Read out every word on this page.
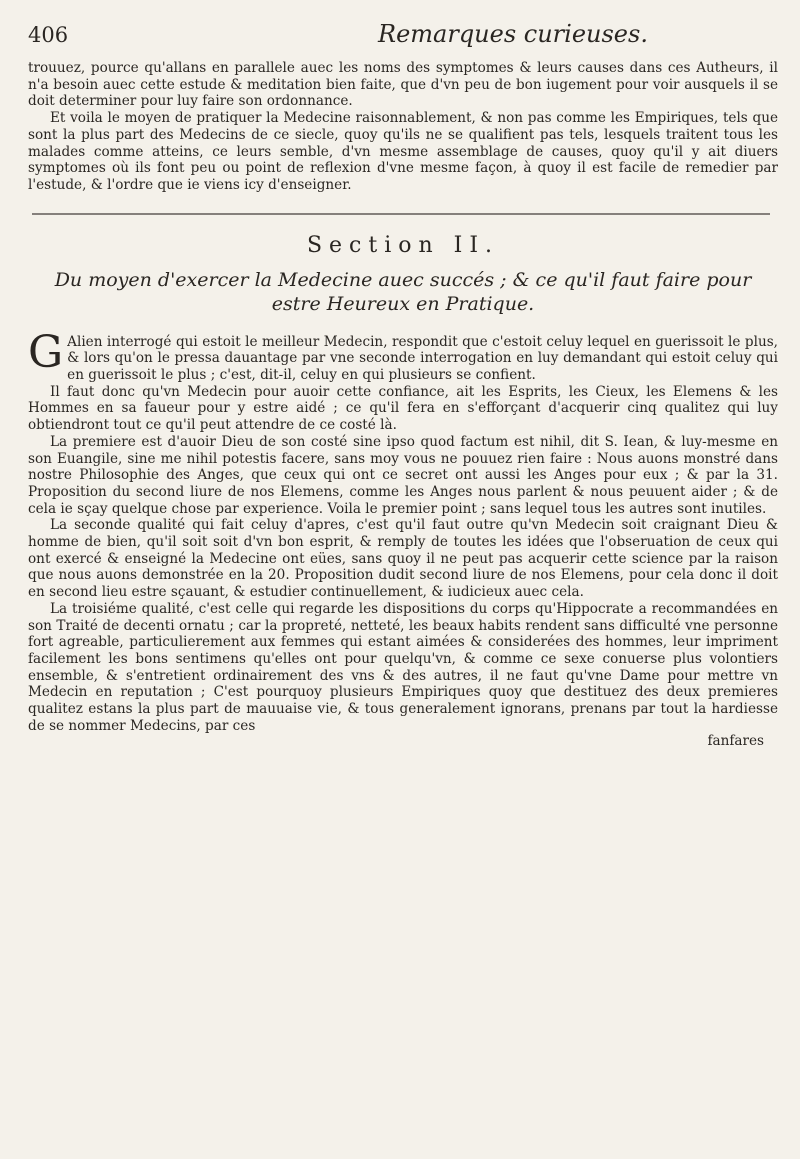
406	Remarques curieuses.

trouuez, pource qu'allans en parallele auec les noms des symptomes & leurs causes dans ces Autheurs, il n'a besoin auec cette estude & meditation bien faite, que d'vn peu de bon iugement pour voir ausquels il se doit determiner pour luy faire son ordonnance.

Et voila le moyen de pratiquer la Medecine raisonnablement, & non pas comme les Empiriques, tels que sont la plus part des Medecins de ce siecle, quoy qu'ils ne se qualifient pas tels, lesquels traitent tous les malades comme atteins, ce leurs semble, d'vn mesme assemblage de causes, quoy qu'il y ait diuers symptomes où ils font peu ou point de reflexion d'vne mesme façon, à quoy il est facile de remedier par l'estude, & l'ordre que ie viens icy d'enseigner.

Section II.
Du moyen d'exercer la Medecine auec succés ; & ce qu'il faut faire pour estre Heureux en Pratique.
G Alien interrogé qui estoit le meilleur Medecin, respondit que c'estoit celuy lequel en guerissoit le plus, & lors qu'on le pressa dauantage par vne seconde interrogation en luy demandant qui estoit celuy qui en guerissoit le plus ; c'est, dit-il, celuy en qui plusieurs se confient.

Il faut donc qu'vn Medecin pour auoir cette confiance, ait les Esprits, les Cieux, les Elemens & les Hommes en sa faueur pour y estre aidé ; ce qu'il fera en s'efforçant d'acquerir cinq qualitez qui luy obtiendront tout ce qu'il peut attendre de ce costé là.

La premiere est d'auoir Dieu de son costé sine ipso quod factum est nihil, dit S. Iean, & luy-mesme en son Euangile, sine me nihil potestis facere, sans moy vous ne pouuez rien faire : Nous auons monstré dans nostre Philosophie des Anges, que ceux qui ont ce secret ont aussi les Anges pour eux ; & par la 31. Proposition du second liure de nos Elemens, comme les Anges nous parlent & nous peuuent aider ; & de cela ie sçay quelque chose par experience. Voila le premier point ; sans lequel tous les autres sont inutiles.

La seconde qualité qui fait celuy d'apres, c'est qu'il faut outre qu'vn Medecin soit craignant Dieu & homme de bien, qu'il soit soit d'vn bon esprit, & remply de toutes les idées que l'obseruation de ceux qui ont exercé & enseigné la Medecine ont eües, sans quoy il ne peut pas acquerir cette science par la raison que nous auons demonstrée en la 20. Proposition dudit second liure de nos Elemens, pour cela donc il doit en second lieu estre sçauant, & estudier continuellement, & iudicieux auec cela.

La troisiéme qualité, c'est celle qui regarde les dispositions du corps qu'Hippocrate a recommandées en son Traité de decenti ornatu ; car la propreté, netteté, les beaux habits rendent sans difficulté vne personne fort agreable, particulierement aux femmes qui estant aimées & considerées des hommes, leur impriment facilement les bons sentimens qu'elles ont pour quelqu'vn, & comme ce sexe conuerse plus volontiers ensemble, & s'entretient ordinairement des vns & des autres, il ne faut qu'vne Dame pour mettre vn Medecin en reputation ; C'est pourquoy plusieurs Empiriques quoy que destituez des deux premieres qualitez estans la plus part de mauuaise vie, & tous generalement ignorans, prenans par tout la hardiesse de se nommer Medecins, par ces

fanfares
